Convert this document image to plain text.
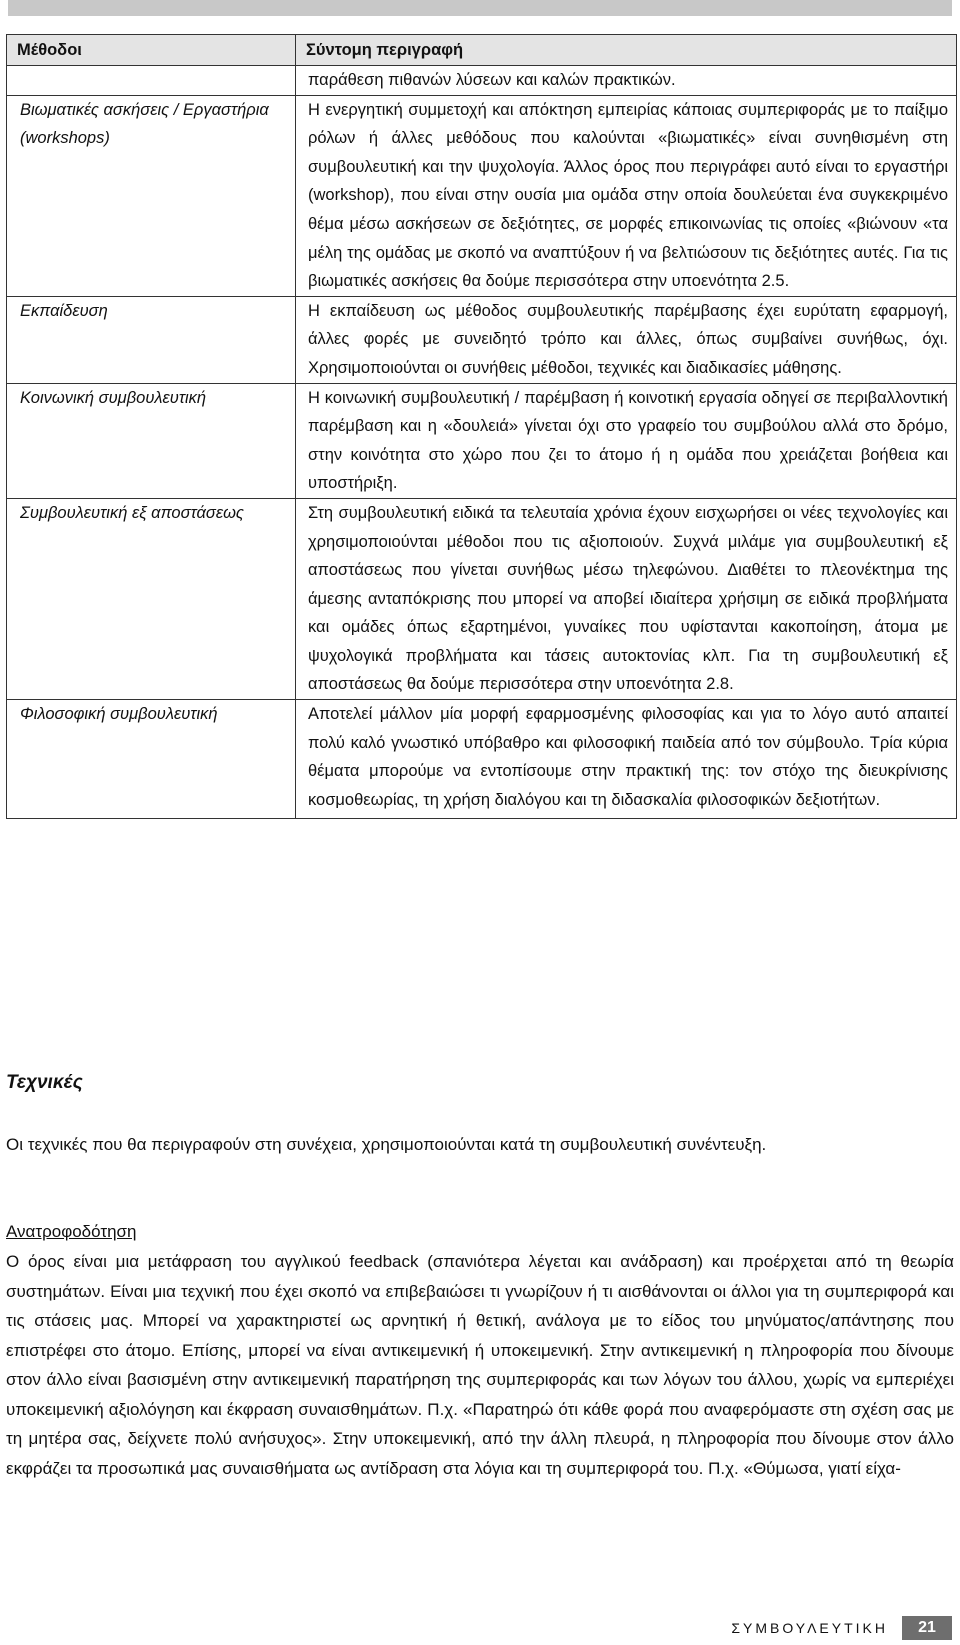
Μέθοδοι	Σύντομη περιγραφή
	παράθεση πιθανών λύσεων και καλών πρακτικών.
Βιωματικές ασκήσεις / Εργαστήρια (workshops)	Η ενεργητική συμμετοχή και απόκτηση εμπειρίας κάποιας συμπεριφοράς με το παίξιμο ρόλων ή άλλες μεθόδους που καλούνται «βιωματικές» είναι συνηθισμένη στη συμβουλευτική και την ψυχολογία. Άλλος όρος που περιγράφει αυτό είναι το εργαστήρι (workshop), που είναι στην ουσία μια ομάδα στην οποία δουλεύεται ένα συγκεκριμένο θέμα μέσω ασκήσεων σε δεξιότητες, σε μορφές επικοινωνίας τις οποίες «βιώνουν «τα μέλη της ομάδας με σκοπό να αναπτύξουν ή να βελτιώσουν τις δεξιότητες αυτές. Για τις βιωματικές ασκήσεις θα δούμε περισσότερα στην υποενότητα 2.5.
Εκπαίδευση	Η εκπαίδευση ως μέθοδος συμβουλευτικής παρέμβασης έχει ευρύτατη εφαρμογή, άλλες φορές με συνειδητό τρόπο και άλλες, όπως συμβαίνει συνήθως, όχι. Χρησιμοποιούνται οι συνήθεις μέθοδοι, τεχνικές και διαδικασίες μάθησης.
Κοινωνική συμβουλευτική	Η κοινωνική συμβουλευτική / παρέμβαση ή κοινοτική εργασία οδηγεί σε περιβαλλοντική παρέμβαση και η «δουλειά» γίνεται όχι στο γραφείο του συμβούλου αλλά στο δρόμο, στην κοινότητα στο χώρο που ζει το άτομο ή η ομάδα που χρειάζεται βοήθεια και υποστήριξη.
Συμβουλευτική εξ αποστάσεως	Στη συμβουλευτική ειδικά τα τελευταία χρόνια έχουν εισχωρήσει οι νέες τεχνολογίες και χρησιμοποιούνται μέθοδοι που τις αξιοποιούν. Συχνά μιλάμε για συμβουλευτική εξ αποστάσεως που γίνεται συνήθως μέσω τηλεφώνου. Διαθέτει το πλεονέκτημα της άμεσης ανταπόκρισης που μπορεί να αποβεί ιδιαίτερα χρήσιμη σε ειδικά προβλήματα και ομάδες όπως εξαρτημένοι, γυναίκες που υφίστανται κακοποίηση, άτομα με ψυχολογικά προβλήματα και τάσεις αυτοκτονίας κλπ. Για τη συμβουλευτική εξ αποστάσεως θα δούμε περισσότερα στην υποενότητα 2.8.
Φιλοσοφική συμβουλευτική	Αποτελεί μάλλον μία μορφή εφαρμοσμένης φιλοσοφίας και για το λόγο αυτό απαιτεί πολύ καλό γνωστικό υπόβαθρο και φιλοσοφική παιδεία από τον σύμβουλο. Τρία κύρια θέματα μπορούμε να εντοπίσουμε στην πρακτική της: τον στόχο της διευκρίνισης κοσμοθεωρίας, τη χρήση διαλόγου και τη διδασκαλία φιλοσοφικών δεξιοτήτων.
Τεχνικές
Οι τεχνικές που θα περιγραφούν στη συνέχεια, χρησιμοποιούνται κατά τη συμβουλευτική συνέντευξη.
Ανατροφοδότηση
Ο όρος είναι μια μετάφραση του αγγλικού feedback (σπανιότερα λέγεται και ανάδραση) και προέρχεται από τη θεωρία συστημάτων. Είναι μια τεχνική που έχει σκοπό να επιβεβαιώσει τι γνωρίζουν ή τι αισθάνονται οι άλλοι για τη συμπεριφορά και τις στάσεις μας. Μπορεί να χαρακτηριστεί ως αρνητική ή θετική, ανάλογα με το είδος του μηνύματος/απάντησης που επιστρέφει στο άτομο. Επίσης, μπορεί να είναι αντικειμενική ή υποκειμενική. Στην αντικειμενική η πληροφορία που δίνουμε στον άλλο είναι βασισμένη στην αντικειμενική παρατήρηση της συμπεριφοράς και των λόγων του άλλου, χωρίς να εμπεριέχει υποκειμενική αξιολόγηση και έκφραση συναισθημάτων. Π.χ. «Παρατηρώ ότι κάθε φορά που αναφερόμαστε στη σχέση σας με τη μητέρα σας, δείχνετε πολύ ανήσυχος». Στην υποκειμενική, από την άλλη πλευρά, η πληροφορία που δίνουμε στον άλλο εκφράζει τα προσωπικά μας συναισθήματα ως αντίδραση στα λόγια και τη συμπεριφορά του. Π.χ. «Θύμωσα, γιατί είχα-
ΣΥΜΒΟΥΛΕΥΤΙΚΗ	21
